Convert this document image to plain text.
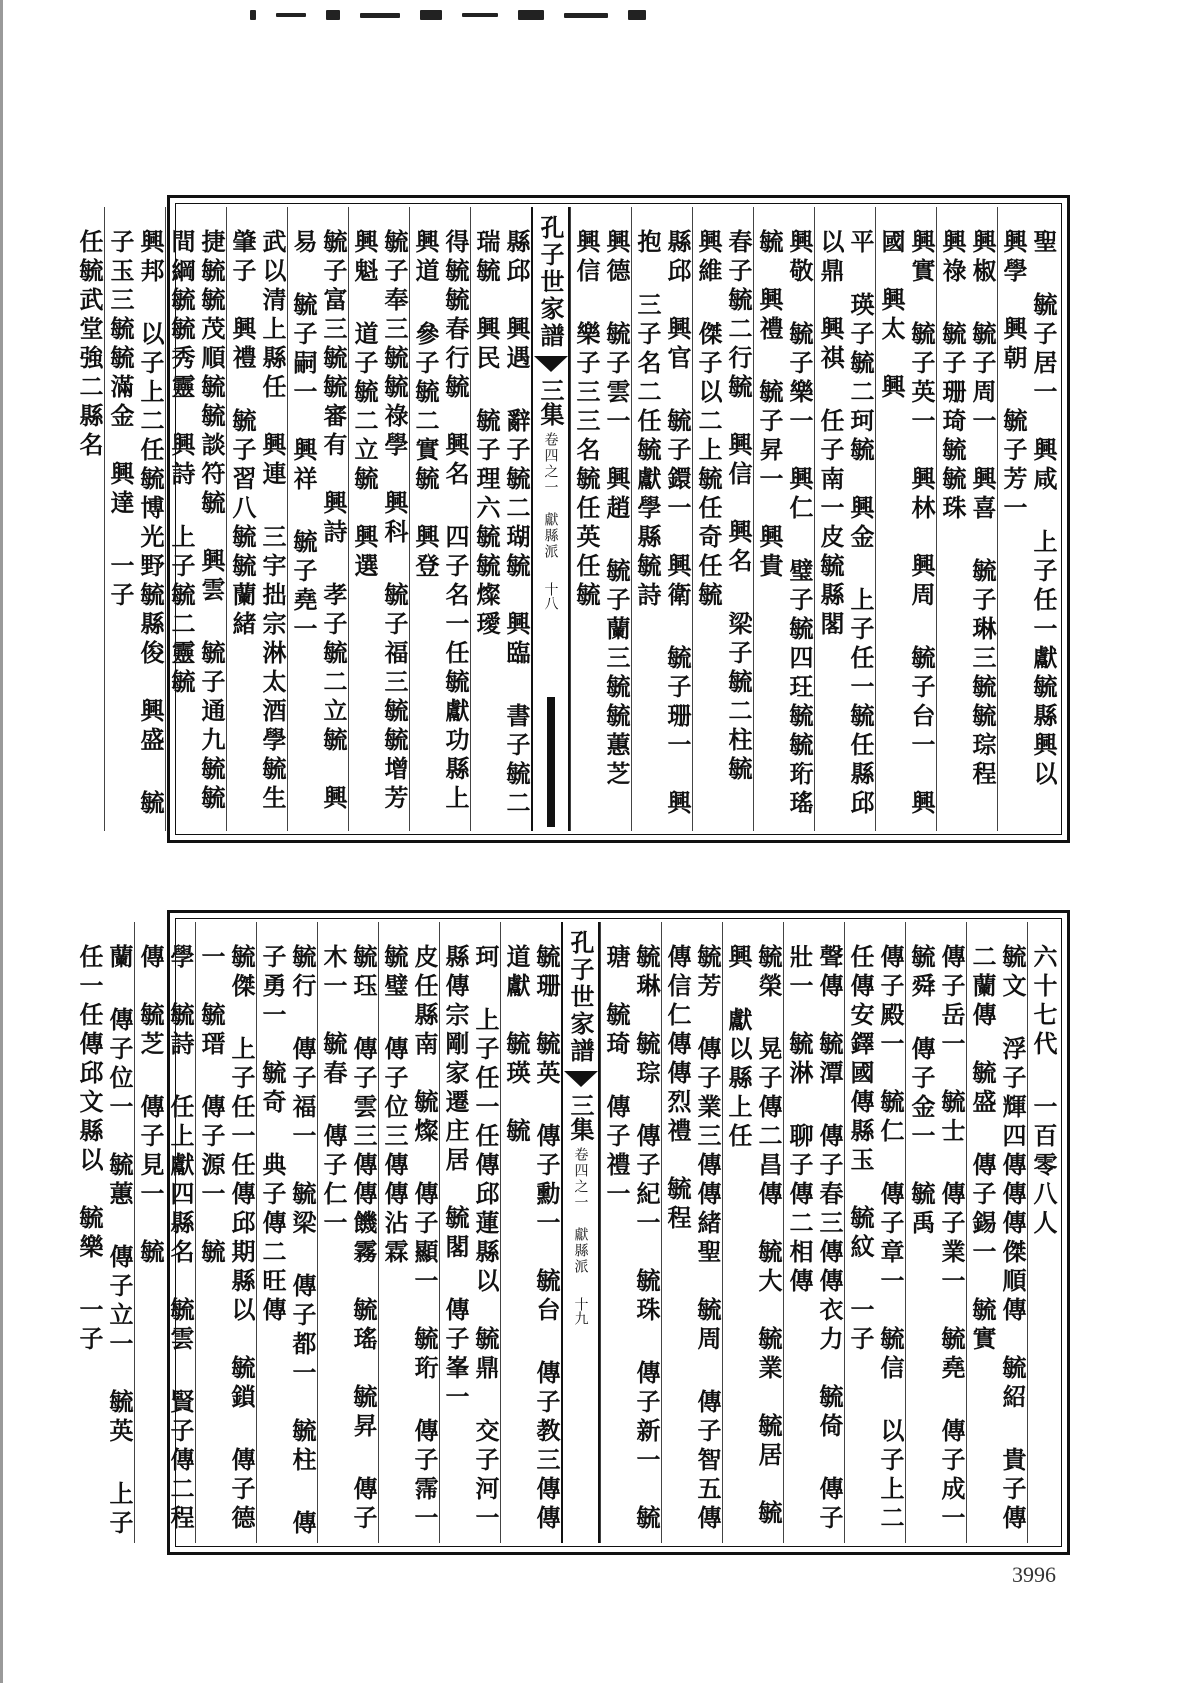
聖 毓子居一　興咸 上子任一獻毓縣興以　興學　興朝 毓子芳一
興椒 毓子周一　興喜 毓子琳三毓毓琮程　興祿 毓子珊琦毓毓珠
興實 毓子英一　興林　興周 毓子台一　興國　興太　興
平 瑛子毓二珂毓　興金 上子任一毓任縣邱以鼎　興祺 任子南一皮毓縣閣
興敬 毓子樂一　興仁 璧子毓四玨毓毓珩瑤毓　興禮 毓子昇一　興貴
春子毓二行毓　興信　興名 梁子毓二柱毓　興維 傑子以二上毓任奇任毓
縣邱　興官 毓子鐶一　興衛 毓子珊一　興抱 三子名二任毓獻學縣毓詩
興德 毓子雲一　興趙 毓子蘭三毓毓蕙芝　興信 樂子三三名毓任英任毓
孔子世家譜
三集
卷四之一　獻縣派
十八
縣邱　興遇 辭子毓二瑚毓　興臨 書子毓二瑞毓　興民 毓子理六毓毓燦璦
得毓毓春行毓　興名 四子名一任毓獻功縣上　興道 參子毓二實毓　興登
毓子奉三毓毓祿學　興科 毓子福三毓毓增芳　興魁 道子毓二立毓　興選
毓子富三毓毓審有　興詩 孝子毓二立毓　興易 毓子嗣一　興祥 毓子堯一
武以清上縣任　興連 三宇拙宗淋太酒學毓生肇子　興禮 毓子習八毓毓蘭緒
捷毓毓茂順毓毓談符毓　興雲 毓子通九毓毓間綱毓毓秀靈　興詩 上子毓二靈毓
興邦 以子上二任毓博光野毓縣俊　興盛 毓子玉三毓毓滿金　興達 一子
任毓武堂強二縣名
六十七代 一百零八人
毓文 浮子輝四傳傳傳傑順傳　毓紹 貴子傳二蘭傳　毓盛 傳子錫一　毓實
傳子岳一　毓士 傳子業一　毓堯 傳子成一　毓舜 傳子金一　毓禹
傳子殿一　毓仁 傳子章一　毓信 以子上二任傳安鐸國傳縣玉　毓紋 一子
聲傳　毓潭 傳子春三傳傳衣力　毓倚 傳子壯一　毓淋 聊子傳二相傳
毓榮 晃子傳二昌傳　毓大　毓業　毓居　毓興 獻以縣上任
毓芳 傳子業三傳傳緒聖　毓周 傳子智五傳傳信仁傳傳烈禮　毓程
毓琳　毓琮 傳子紀一　毓珠 傳子新一　毓瑭　毓琦 傳子禮一
孔子世家譜
三集
卷四之一　獻縣派
十九
毓珊　毓英 傳子勳一　毓台 傳子教三傳傳道獻　毓瑛　毓
珂 上子任一任傳邱蓮縣以　毓鼎 交子河一縣傳宗剛家遷庄居　毓閣 傳子峯一
皮任縣南　毓燦 傳子顯一　毓珩 傳子霈一　毓璧 傳子位三傳傳沾霖
毓珏 傳子雲三傳傳饑霧　毓瑤　毓昇 傳子木一　毓春 傳子仁一
毓行 傳子福一　毓梁 傳子都一　毓柱 傳子勇一　毓奇 典子傳二旺傳
毓傑 上子任一任傳邱期縣以　毓鎖 傳子德一　毓瑨 傳子源一　毓
學　毓詩 任上獻四縣名　毓雲 賢子傳二程傳　毓芝 傳子見一　毓
蘭 傳子位一　毓蕙 傳子立一　毓英 上子任一任傳邱文縣以　毓樂 一子
3996
